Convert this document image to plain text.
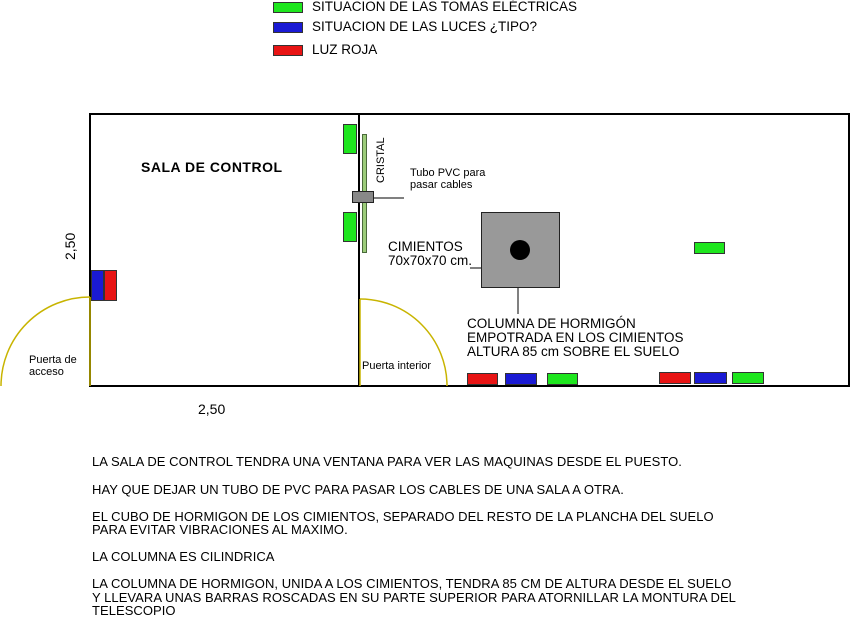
SITUACION DE LAS TOMAS ELÉCTRICAS
SITUACION DE LAS LUCES ¿TIPO?
LUZ ROJA
CRISTAL Tubo PVC para
pasar cables
SALA DE CONTROL
CIMIENTOS
70x70x70 cm.
COLUMNA DE HORMIGÓN
EMPOTRADA EN LOS CIMIENTOS
ALTURA 85 cm SOBRE EL SUELO
Puerta de
acceso	Puerta interior
2,50
2,50
LA SALA DE CONTROL TENDRA UNA VENTANA PARA VER LAS MAQUINAS DESDE EL PUESTO.
HAY QUE DEJAR UN TUBO DE PVC PARA PASAR LOS CABLES DE UNA SALA A OTRA.
EL CUBO DE HORMIGON DE LOS CIMIENTOS, SEPARADO DEL RESTO DE LA PLANCHA DEL SUELO
PARA EVITAR VIBRACIONES AL MAXIMO.
LA COLUMNA ES CILINDRICA
LA COLUMNA DE HORMIGON, UNIDA A LOS CIMIENTOS, TENDRA 85 CM DE ALTURA DESDE EL SUELO
Y LLEVARA UNAS BARRAS ROSCADAS EN SU PARTE SUPERIOR PARA ATORNILLAR LA MONTURA DEL
TELESCOPIO
